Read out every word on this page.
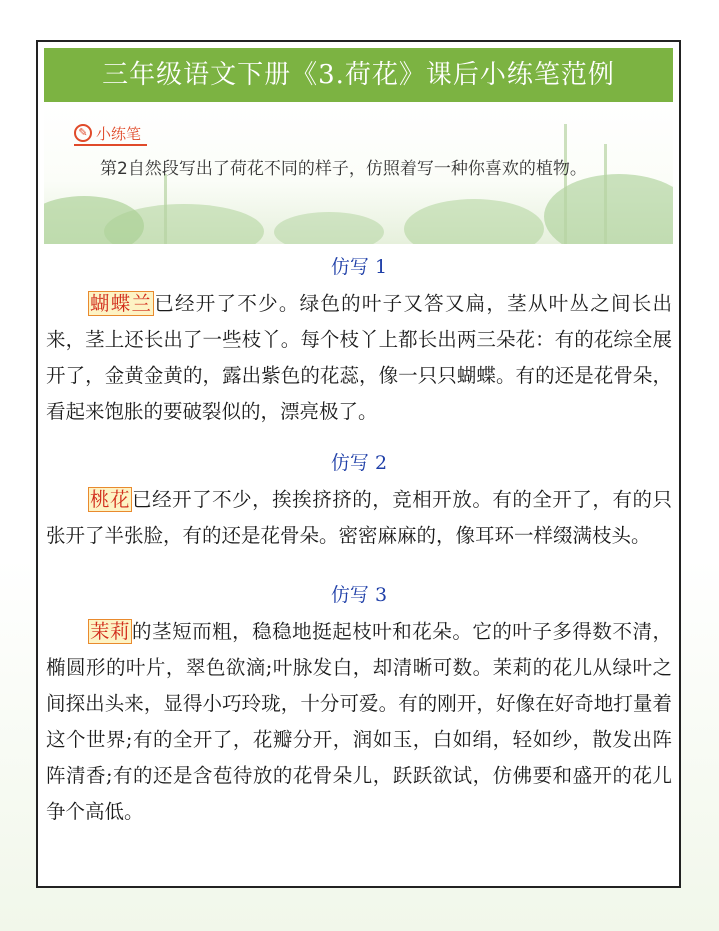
三年级语文下册《3.荷花》课后小练笔范例
✎ 小练笔
第2自然段写出了荷花不同的样子，仿照着写一种你喜欢的植物。
仿写 1

蝴蝶兰 已经开了不少。绿色的叶子又答又扁，茎从叶丛之间长出来，茎上还长出了一些枝丫。每个枝丫上都长出两三朵花：有的花综全展开了，金黄金黄的，露出紫色的花蕊，像一只只蝴蝶。有的还是花骨朵，看起来饱胀的要破裂似的，漂亮极了。

仿写 2

桃花 已经开了不少，挨挨挤挤的，竞相开放。有的全开了，有的只张开了半张脸，有的还是花骨朵。密密麻麻的，像耳环一样缀满枝头。

仿写 3

茉莉 的茎短而粗，稳稳地挺起枝叶和花朵。它的叶子多得数不清，椭圆形的叶片，翠色欲滴;叶脉发白，却清晰可数。茉莉的花儿从绿叶之间探出头来，显得小巧玲珑，十分可爱。有的刚开，好像在好奇地打量着这个世界;有的全开了，花瓣分开，润如玉，白如绢，轻如纱，散发出阵阵清香;有的还是含苞待放的花骨朵儿，跃跃欲试，仿佛要和盛开的花儿争个高低。
